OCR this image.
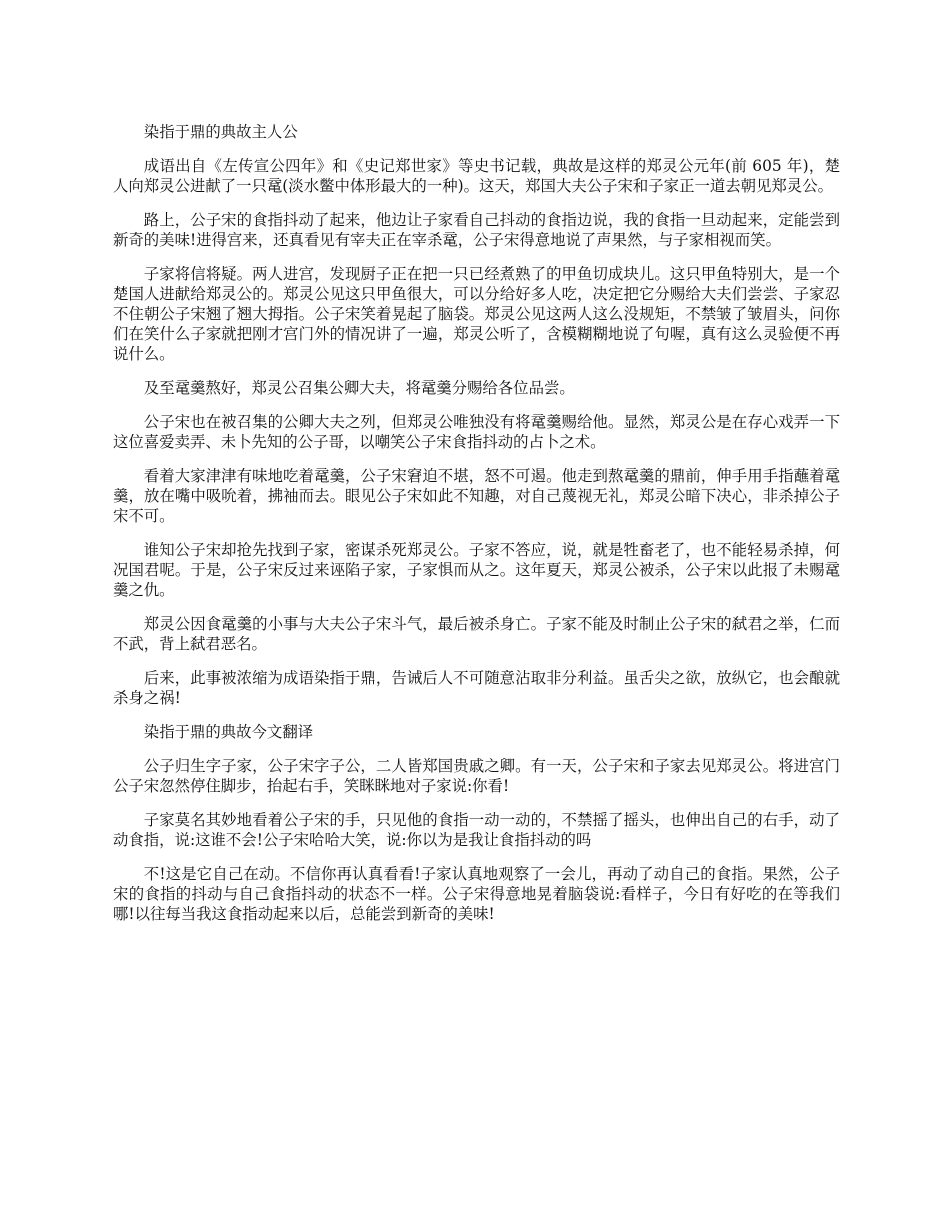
染指于鼎的典故主人公

成语出自《左传宣公四年》和《史记郑世家》等史书记载，典故是这样的郑灵公元年(前 605 年)，楚人向郑灵公进献了一只鼋(淡水鳖中体形最大的一种)。这天，郑国大夫公子宋和子家正一道去朝见郑灵公。

路上，公子宋的食指抖动了起来，他边让子家看自己抖动的食指边说，我的食指一旦动起来，定能尝到新奇的美味!进得宫来，还真看见有宰夫正在宰杀鼋，公子宋得意地说了声果然，与子家相视而笑。

子家将信将疑。两人进宫，发现厨子正在把一只已经煮熟了的甲鱼切成块儿。这只甲鱼特别大，是一个楚国人进献给郑灵公的。郑灵公见这只甲鱼很大，可以分给好多人吃，决定把它分赐给大夫们尝尝、子家忍不住朝公子宋翘了翘大拇指。公子宋笑着晃起了脑袋。郑灵公见这两人这么没规矩，不禁皱了皱眉头，问你们在笑什么子家就把刚才宫门外的情况讲了一遍，郑灵公听了，含模糊糊地说了句喔，真有这么灵验便不再说什么。

及至鼋羹熬好，郑灵公召集公卿大夫，将鼋羹分赐给各位品尝。

公子宋也在被召集的公卿大夫之列，但郑灵公唯独没有将鼋羹赐给他。显然，郑灵公是在存心戏弄一下这位喜爱卖弄、未卜先知的公子哥，以嘲笑公子宋食指抖动的占卜之术。

看着大家津津有味地吃着鼋羹，公子宋窘迫不堪，怒不可遏。他走到熬鼋羹的鼎前，伸手用手指蘸着鼋羹，放在嘴中吸吮着，拂袖而去。眼见公子宋如此不知趣，对自己蔑视无礼，郑灵公暗下决心，非杀掉公子宋不可。

谁知公子宋却抢先找到子家，密谋杀死郑灵公。子家不答应，说，就是牲畜老了，也不能轻易杀掉，何况国君呢。于是，公子宋反过来诬陷子家，子家惧而从之。这年夏天，郑灵公被杀，公子宋以此报了未赐鼋羹之仇。

郑灵公因食鼋羹的小事与大夫公子宋斗气，最后被杀身亡。子家不能及时制止公子宋的弑君之举，仁而不武，背上弑君恶名。

后来，此事被浓缩为成语染指于鼎，告诫后人不可随意沾取非分利益。虽舌尖之欲，放纵它，也会酿就杀身之祸!

染指于鼎的典故今文翻译

公子归生字子家，公子宋字子公，二人皆郑国贵戚之卿。有一天，公子宋和子家去见郑灵公。将进宫门公子宋忽然停住脚步，抬起右手，笑眯眯地对子家说:你看!

子家莫名其妙地看着公子宋的手，只见他的食指一动一动的，不禁摇了摇头，也伸出自己的右手，动了动食指，说:这谁不会!公子宋哈哈大笑，说:你以为是我让食指抖动的吗

不!这是它自己在动。不信你再认真看看!子家认真地观察了一会儿，再动了动自己的食指。果然，公子宋的食指的抖动与自己食指抖动的状态不一样。公子宋得意地晃着脑袋说:看样子，今日有好吃的在等我们哪!以往每当我这食指动起来以后，总能尝到新奇的美味!
